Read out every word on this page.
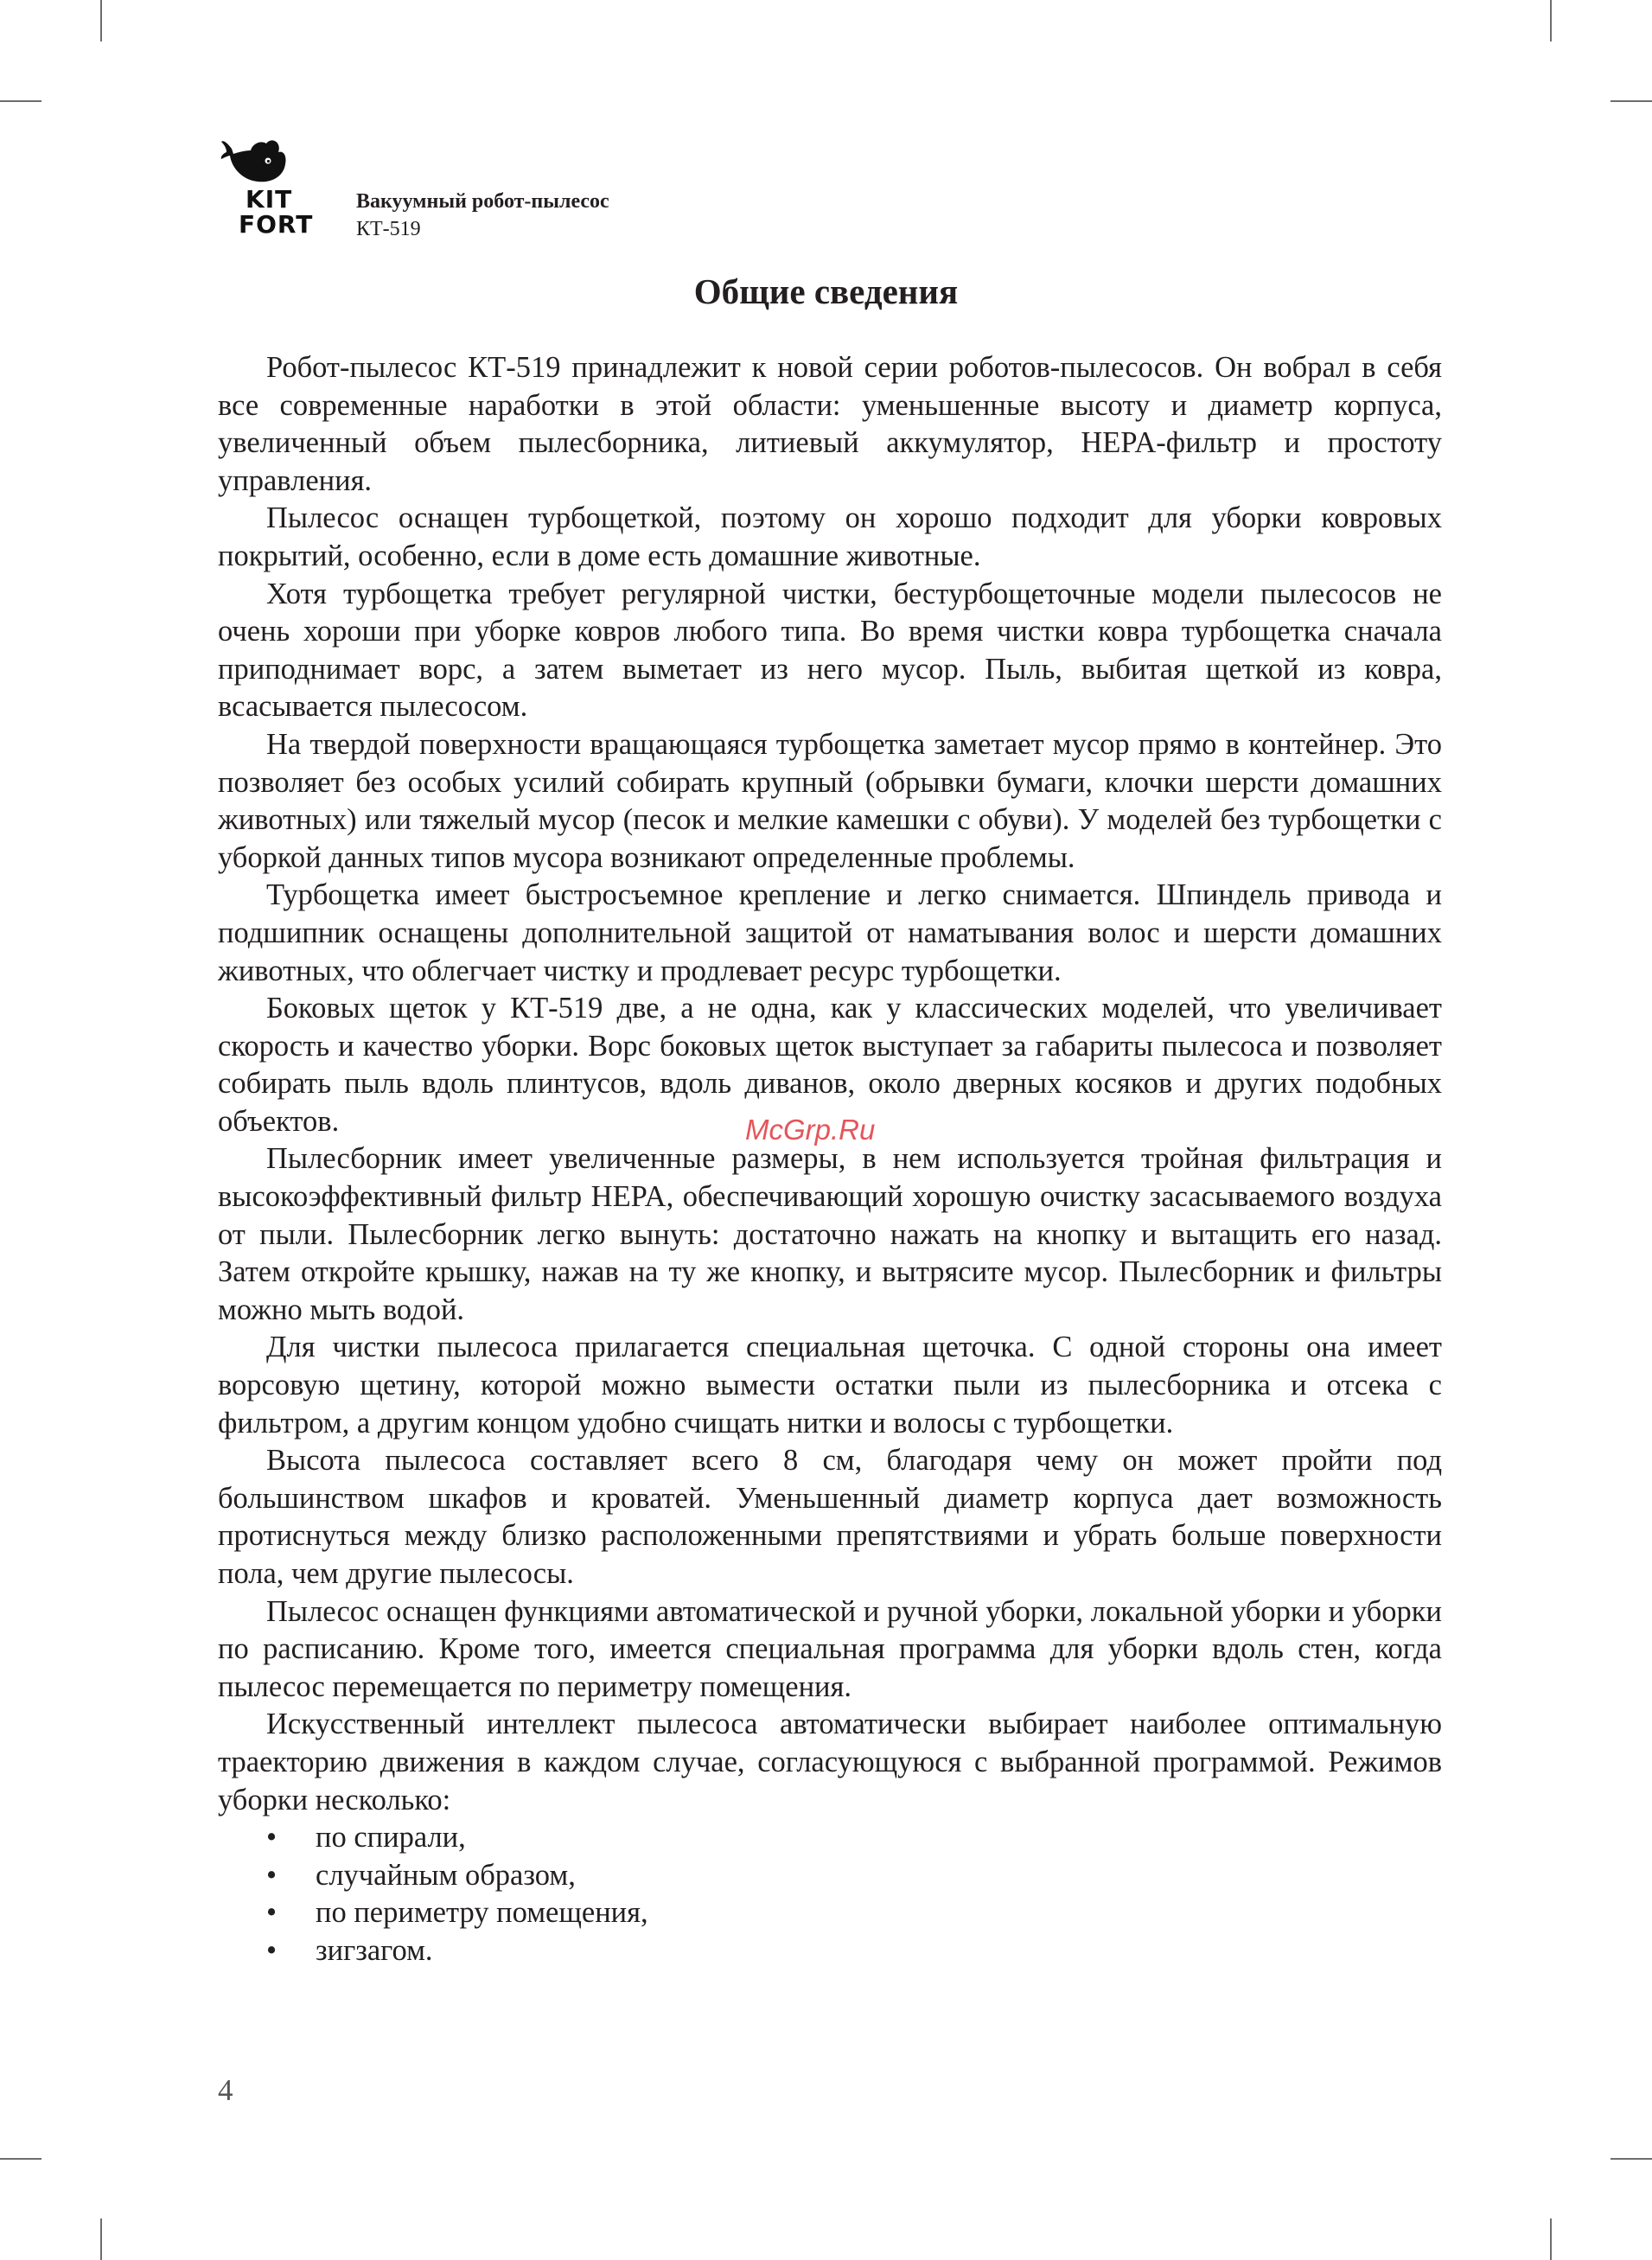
KIT
FORT
Вакуумный робот-пылесос
КТ-519
Общие сведения

Робот-пылесос КТ-519 принадлежит к новой серии роботов-пылесосов. Он вобрал в себя все современные наработки в этой области: уменьшенные высоту и диаметр корпуса, увеличенный объем пылесборника, литиевый аккумулятор, HEPA-фильтр и простоту управления.

Пылесос оснащен турбощеткой, поэтому он хорошо подходит для уборки ковровых покрытий, особенно, если в доме есть домашние животные.

Хотя турбощетка требует регулярной чистки, бестурбощеточные модели пылесосов не очень хороши при уборке ковров любого типа. Во время чистки ковра турбощетка сначала приподнимает ворс, а затем выметает из него мусор. Пыль, выбитая щеткой из ковра, всасывается пылесосом.

На твердой поверхности вращающаяся турбощетка заметает мусор прямо в контейнер. Это позволяет без особых усилий собирать крупный (обрывки бумаги, клочки шерсти домашних животных) или тяжелый мусор (песок и мелкие камешки с обуви). У моделей без турбощетки с уборкой данных типов мусора возникают определенные проблемы.

Турбощетка имеет быстросъемное крепление и легко снимается. Шпиндель привода и подшипник оснащены дополнительной защитой от наматывания волос и шерсти домашних животных, что облегчает чистку и продлевает ресурс турбощетки.

Боковых щеток у КТ-519 две, а не одна, как у классических моделей, что увеличивает скорость и качество уборки. Ворс боковых щеток выступает за габариты пылесоса и позволяет собирать пыль вдоль плинтусов, вдоль диванов, около дверных косяков и других подобных объектов.

Пылесборник имеет увеличенные размеры, в нем используется тройная фильтрация и высокоэффективный фильтр HEPA, обеспечивающий хорошую очистку засасываемого воздуха от пыли. Пылесборник легко вынуть: достаточно нажать на кнопку и вытащить его назад. Затем откройте крышку, нажав на ту же кнопку, и вытрясите мусор. Пылесборник и фильтры можно мыть водой.

Для чистки пылесоса прилагается специальная щеточка. С одной стороны она имеет ворсовую щетину, которой можно вымести остатки пыли из пылесборника и отсека с фильтром, а другим концом удобно счищать нитки и волосы с турбощетки.

Высота пылесоса составляет всего 8 см, благодаря чему он может пройти под большинством шкафов и кроватей. Уменьшенный диаметр корпуса дает возможность протиснуться между близко расположенными препятствиями и убрать больше поверхности пола, чем другие пылесосы.

Пылесос оснащен функциями автоматической и ручной уборки, локальной уборки и уборки по расписанию. Кроме того, имеется специальная программа для уборки вдоль стен, когда пылесос перемещается по периметру помещения.

Искусственный интеллект пылесоса автоматически выбирает наиболее оптимальную траекторию движения в каждом случае, согласующуюся с выбранной программой. Режимов уборки несколько:

• по спирали,
• случайным образом,
• по периметру помещения,
• зигзагом.
McGrp.Ru
4
